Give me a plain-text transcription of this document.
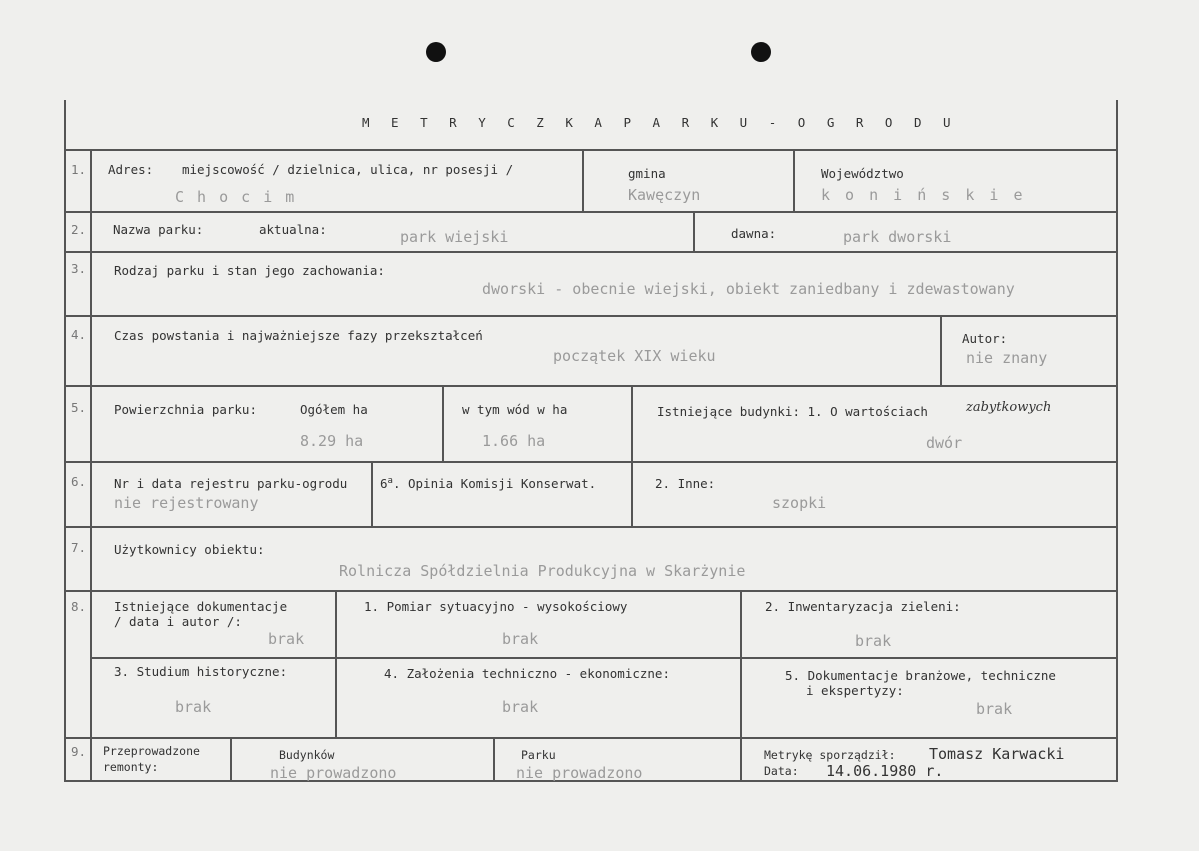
M E T R Y C Z K A P A R K U - O G R O D U
1. Adres: miejscowość / dzielnica, ulica, nr posesji /
C h o c i m
gmina
Kawęczyn
Województwo
k o n i ń s k i e
2. Nazwa parku:	aktualna:	park wiejski	dawna:	park dworski
3. Rodzaj parku i stan jego zachowania:
dworski - obecnie wiejski, obiekt zaniedbany i zdewastowany
4. Czas powstania i najważniejsze fazy przekształceń
początek XIX wieku
Autor:
nie znany
5. Powierzchnia parku:	Ogółem ha
8.29 ha
w tym wód w ha
1.66 ha
Istniejące budynki: 1. O wartościach	zabytkowych
dwór
6. Nr i data rejestru parku-ogrodu
nie rejestrowany
6$^a$. Opinia Komisji Konserwat.	2. Inne:
szopki
7. Użytkownicy obiektu:
Rolnicza Spółdzielnia Produkcyjna w Skarżynie
8. Istniejące dokumentacje
/ data i autor /:
brak
1. Pomiar sytuacyjno - wysokościowy
brak
2. Inwentaryzacja zieleni:
brak
3. Studium historyczne:
brak
4. Założenia techniczno - ekonomiczne:
brak
5. Dokumentacje branżowe, techniczne
i ekspertyzy:
brak
9. Przeprowadzone
remonty:
Budynków
nie prowadzono
Parku
nie prowadzono
Metrykę sporządził: Tomasz Karwacki
Data: 14.06.1980 r.
